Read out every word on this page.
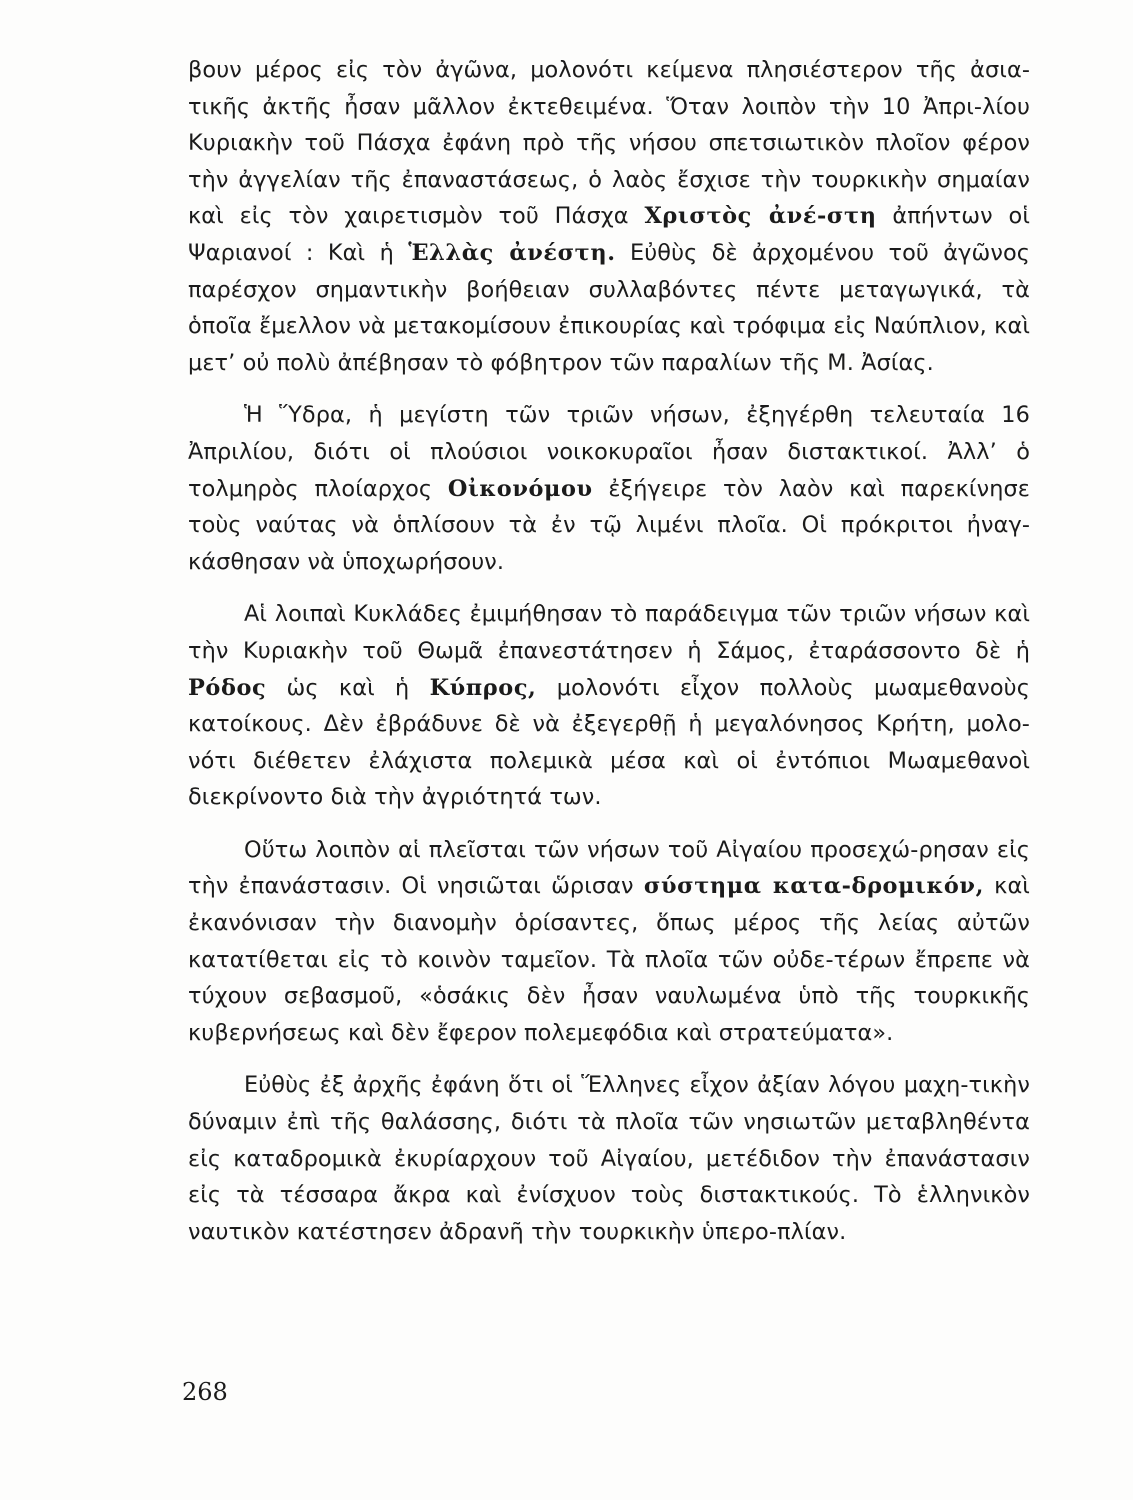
βουν μέρος εἰς τὸν ἀγῶνα, μολονότι κείμενα πλησιέστερον τῆς ἀσια-τικῆς ἀκτῆς ἦσαν μᾶλλον ἐκτεθειμένα. Ὅταν λοιπὸν τὴν 10 Ἀπρι-λίου Κυριακὴν τοῦ Πάσχα ἐφάνη πρὸ τῆς νήσου σπετσιωτικὸν πλοῖον φέρον τὴν ἀγγελίαν τῆς ἐπαναστάσεως, ὁ λαὸς ἔσχισε τὴν τουρκικὴν σημαίαν καὶ εἰς τὸν χαιρετισμὸν τοῦ Πάσχα Χριστὸς ἀνέ-στη ἀπήντων οἱ Ψαριανοί : Καὶ ἡ Ἑλλὰς ἀνέστη. Εὐθὺς δὲ ἀρχομένου τοῦ ἀγῶνος παρέσχον σημαντικὴν βοήθειαν συλλαβόντες πέντε μεταγωγικά, τὰ ὁποῖα ἔμελλον νὰ μετακομίσουν ἐπικουρίας καὶ τρόφιμα εἰς Ναύπλιον, καὶ μετ’ οὐ πολὺ ἀπέβησαν τὸ φόβητρον τῶν παραλίων τῆς Μ. Ἀσίας.

Ἡ Ὕδρα, ἡ μεγίστη τῶν τριῶν νήσων, ἐξηγέρθη τελευταία 16 Ἀπριλίου, διότι οἱ πλούσιοι νοικοκυραῖοι ἦσαν διστακτικοί. Ἀλλ’ ὁ τολμηρὸς πλοίαρχος Οἰκονόμου ἐξήγειρε τὸν λαὸν καὶ παρεκίνησε τοὺς ναύτας νὰ ὁπλίσουν τὰ ἐν τῷ λιμένι πλοῖα. Οἱ πρόκριτοι ἠναγ-κάσθησαν νὰ ὑποχωρήσουν.

Αἱ λοιπαὶ Κυκλάδες ἐμιμήθησαν τὸ παράδειγμα τῶν τριῶν νήσων καὶ τὴν Κυριακὴν τοῦ Θωμᾶ ἐπανεστάτησεν ἡ Σάμος, ἐταράσσοντο δὲ ἡ Ρόδος ὡς καὶ ἡ Κύπρος, μολονότι εἶχον πολλοὺς μωαμεθανοὺς κατοίκους. Δὲν ἐβράδυνε δὲ νὰ ἐξεγερθῇ ἡ μεγαλόνησος Κρήτη, μολο-νότι διέθετεν ἐλάχιστα πολεμικὰ μέσα καὶ οἱ ἐντόπιοι Μωαμεθανοὶ διεκρίνοντο διὰ τὴν ἀγριότητά των.

Οὕτω λοιπὸν αἱ πλεῖσται τῶν νήσων τοῦ Αἰγαίου προσεχώ-ρησαν εἰς τὴν ἐπανάστασιν. Οἱ νησιῶται ὥρισαν σύστημα κατα-δρομικόν, καὶ ἐκανόνισαν τὴν διανομὴν ὁρίσαντες, ὅπως μέρος τῆς λείας αὐτῶν κατατίθεται εἰς τὸ κοινὸν ταμεῖον. Τὰ πλοῖα τῶν οὐδε-τέρων ἔπρεπε νὰ τύχουν σεβασμοῦ, «ὁσάκις δὲν ἦσαν ναυλωμένα ὑπὸ τῆς τουρκικῆς κυβερνήσεως καὶ δὲν ἔφερον πολεμεφόδια καὶ στρατεύματα».

Εὐθὺς ἐξ ἀρχῆς ἐφάνη ὅτι οἱ Ἕλληνες εἶχον ἀξίαν λόγου μαχη-τικὴν δύναμιν ἐπὶ τῆς θαλάσσης, διότι τὰ πλοῖα τῶν νησιωτῶν μεταβληθέντα εἰς καταδρομικὰ ἐκυρίαρχουν τοῦ Αἰγαίου, μετέδιδον τὴν ἐπανάστασιν εἰς τὰ τέσσαρα ἄκρα καὶ ἐνίσχυον τοὺς διστακτικούς. Τὸ ἑλληνικὸν ναυτικὸν κατέστησεν ἀδρανῆ τὴν τουρκικὴν ὑπερο-πλίαν.

268
